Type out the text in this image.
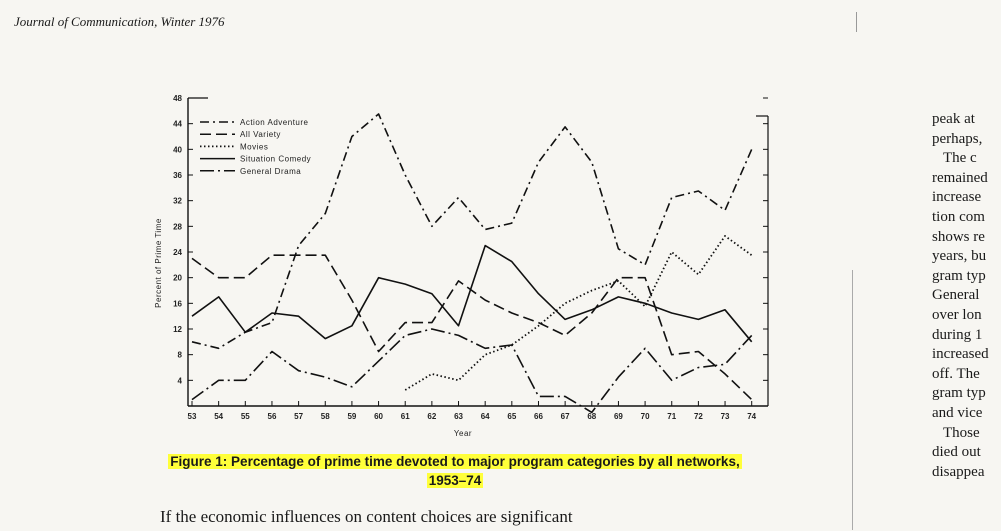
Journal of Communication, Winter 1976
4
8
12
16
20
24
28
32
36
40
44
48
53 54 55 56 57 58 59 60 61 62 63 64 65 66 67 68 69 70 71 72 73 74
Action Adventure
All Variety
Movies
Situation Comedy
General Drama
Year
Percent of Prime Time
Figure 1: Percentage of prime time devoted to major program categories by all networks,
1953–74
If the economic influences on content choices are significant
peak at
perhaps,
The c
remained
increase
tion com
shows re
years, bu
gram typ
General
over lon
during 1
increased
off. The
gram typ
and vice
Those
died out
disappea
